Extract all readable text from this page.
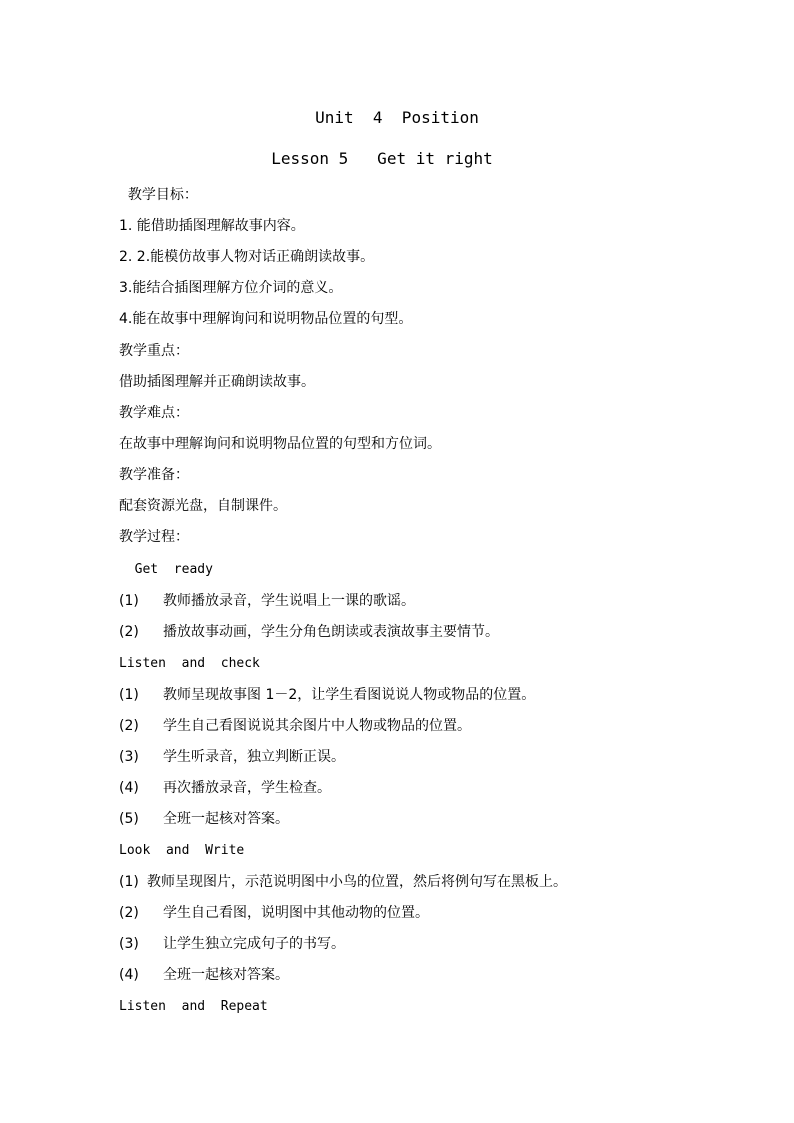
Unit  4  Position
Lesson 5   Get it right
教学目标：
1. 能借助插图理解故事内容。
2. 2.能模仿故事人物对话正确朗读故事。
3.能结合插图理解方位介词的意义。
4.能在故事中理解询问和说明物品位置的句型。
教学重点：
借助插图理解并正确朗读故事。
教学难点：
在故事中理解询问和说明物品位置的句型和方位词。
教学准备：
配套资源光盘，自制课件。
教学过程：
Get  ready
(1) 教师播放录音，学生说唱上一课的歌谣。
(2) 播放故事动画，学生分角色朗读或表演故事主要情节。
Listen  and  check
(1) 教师呈现故事图 1－2，让学生看图说说人物或物品的位置。
(2) 学生自己看图说说其余图片中人物或物品的位置。
(3) 学生听录音，独立判断正误。
(4) 再次播放录音，学生检查。
(5) 全班一起核对答案。
Look  and  Write
(1) 教师呈现图片，示范说明图中小鸟的位置，然后将例句写在黑板上。
(2) 学生自己看图，说明图中其他动物的位置。
(3) 让学生独立完成句子的书写。
(4) 全班一起核对答案。
Listen  and  Repeat
